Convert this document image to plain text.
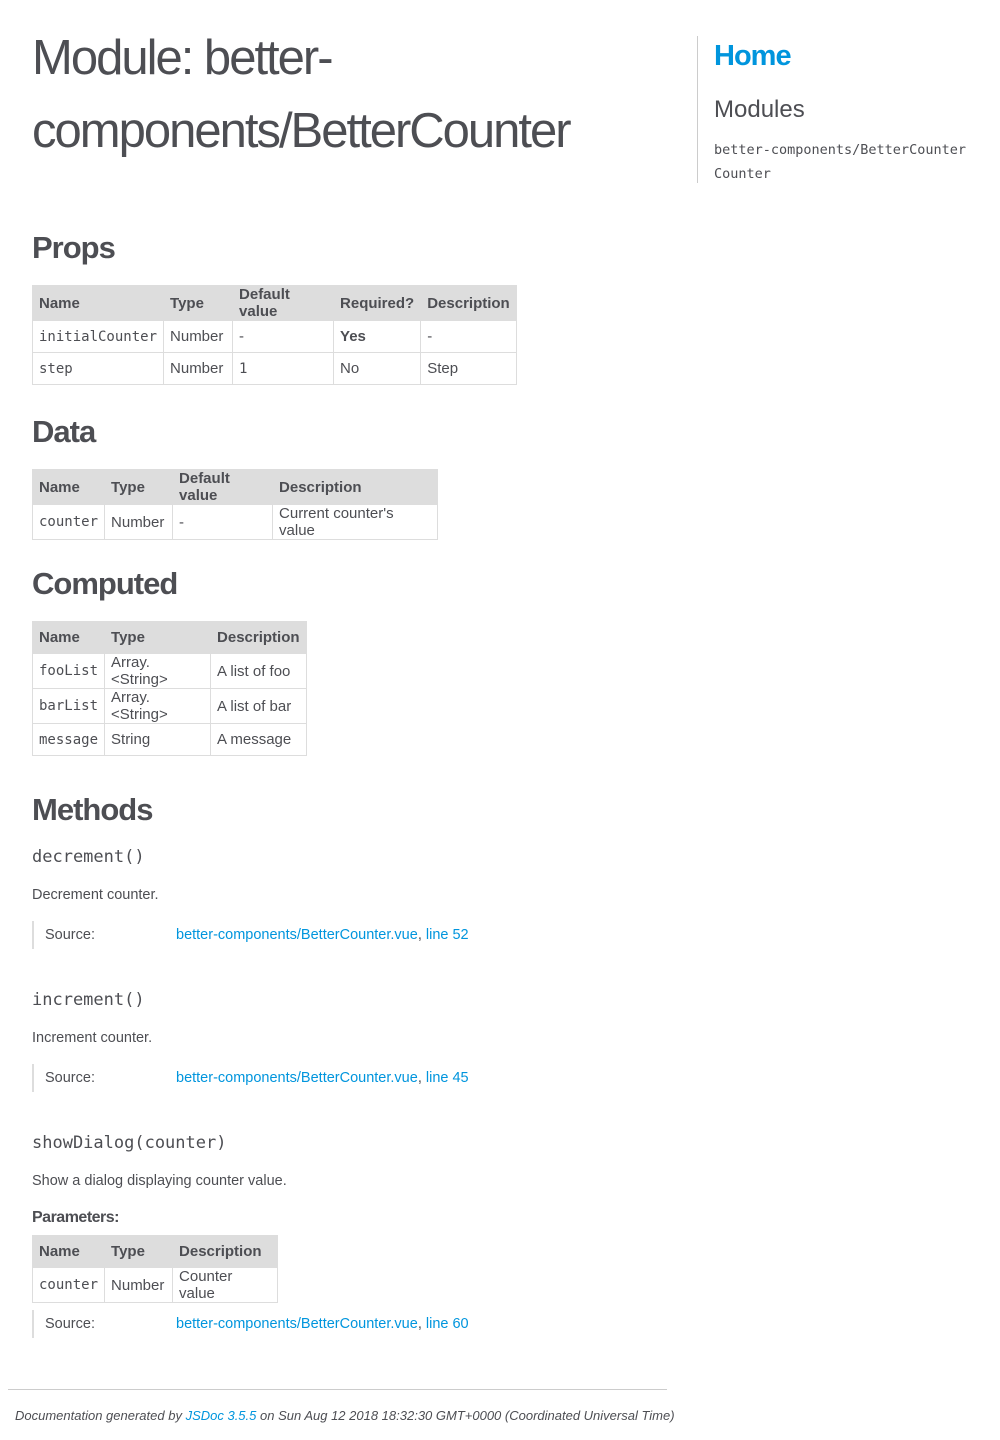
Module: better-components/BetterCounter
Props
Name	Type	Default value	Required?	Description
initialCounter	Number	-	Yes	-
step	Number	1	No	Step
Data
Name	Type	Default value	Description
counter	Number	-	Current counter's value
Computed
Name	Type	Description
fooList	Array.<String>	A list of foo
barList	Array.<String>	A list of bar
message	String	A message
Methods
decrement()

Decrement counter.

Source:	better-components/BetterCounter.vue, line 52
increment()

Increment counter.

Source:	better-components/BetterCounter.vue, line 45
showDialog(counter)

Show a dialog displaying counter value.

Parameters:
Name	Type	Description
counter	Number	Counter value
Source:	better-components/BetterCounter.vue, line 60
Home
Modules
better-components/BetterCounter
Counter
Documentation generated by JSDoc 3.5.5 on Sun Aug 12 2018 18:32:30 GMT+0000 (Coordinated Universal Time)
